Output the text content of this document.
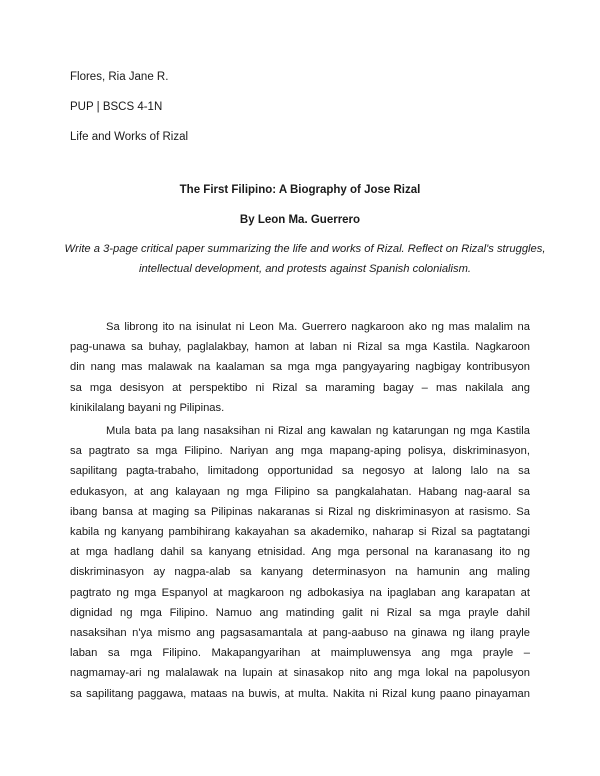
Flores, Ria Jane R.
PUP | BSCS 4-1N
Life and Works of Rizal
The First Filipino: A Biography of Jose Rizal
By Leon Ma. Guerrero
Write a 3-page critical paper summarizing the life and works of Rizal. Reflect on Rizal's struggles, intellectual development, and protests against Spanish colonialism.
Sa librong ito na isinulat ni Leon Ma. Guerrero nagkaroon ako ng mas malalim na
pag-unawa sa buhay, paglalakbay, hamon at laban ni Rizal sa mga Kastila. Nagkaroon
din nang mas malawak na kaalaman sa mga mga pangyayaring nagbigay kontribusyon
sa mga desisyon at perspektibo ni Rizal sa maraming bagay – mas nakilala ang
kinikilalang bayani ng Pilipinas.
Mula bata pa lang nasaksihan ni Rizal ang kawalan ng katarungan ng mga Kastila
sa pagtrato sa mga Filipino. Nariyan ang mga mapang-aping polisya, diskriminasyon,
sapilitang pagta-trabaho, limitadong opportunidad sa negosyo at lalong lalo na sa
edukasyon, at ang kalayaan ng mga Filipino sa pangkalahatan. Habang nag-aaral sa
ibang bansa at maging sa Pilipinas nakaranas si Rizal ng diskriminasyon at rasismo. Sa
kabila ng kanyang pambihirang kakayahan sa akademiko, naharap si Rizal sa pagtatangi
at mga hadlang dahil sa kanyang etnisidad. Ang mga personal na karanasang ito ng
diskriminasyon ay nagpa-alab sa kanyang determinasyon na hamunin ang maling
pagtrato ng mga Espanyol at magkaroon ng adbokasiya na ipaglaban ang karapatan at
dignidad ng mga Filipino. Namuo ang matinding galit ni Rizal sa mga prayle dahil
nasaksihan n'ya mismo ang pagsasamantala at pang-aabuso na ginawa ng ilang prayle
laban sa mga Filipino. Makapangyarihan at maimpluwensya ang mga prayle –
nagmamay-ari ng malalawak na lupain at sinasakop nito ang mga lokal na papolusyon
sa sapilitang paggawa, mataas na buwis, at multa. Nakita ni Rizal kung paano pinayaman
